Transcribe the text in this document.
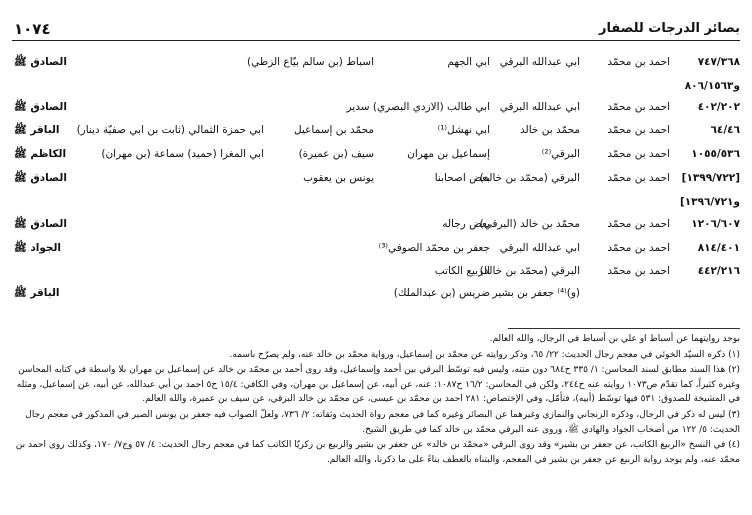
١٠٧٤	بصائر الدرجات للصفار
٧٤٧/٣٦٨
احمد بن محمّد
ابي عبدالله البرقي
ابي الجهم
اسباط (بن سالم بيّاع الزطي)
الصادق ﷺ
و٨٠٦/١٥٦٣
٤٠٢/٢٠٢
احمد بن محمّد
ابي عبدالله البرقي
ابي طالب (الازدي البصري) سدير
الصادق ﷺ
٦٤/٤٦
احمد بن محمّد
محمّد بن خالد
ابي نهشل⁽¹⁾
محمّد بن إسماعيل
ابي حمزة الثمالي (ثابت بن ابي صفيّة دينار)
الباقر ﷺ
١٠٥٥/٥٣٦
احمد بن محمّد
البرقي⁽²⁾
إسماعيل بن مهران
سيف (بن عميرة)
ابي المغرا (حميد) سماعة (بن مهران)
الكاظم ﷺ
[١٣٩٩/٧٢٢]
احمد بن محمّد
البرقي (محمّد بن خالد)
بعض اصحابنا
يونس بن يعقوب
الصادق ﷺ
و١٣٩٦/٧٢١]
١٢٠٦/٦٠٧
احمد بن محمّد
محمّد بن خالد (البرقي)
بعض رجاله
الصادق ﷺ
٨١٤/٤٠١
احمد بن محمّد
ابي عبدالله البرقي
جعفر بن محمّد الصوفي⁽³⁾
الجواد ﷺ
٤٤٢/٢١٦
احمد بن محمّد
البرقي (محمّد بن خالد)
الربيع الكاتب
(و)⁽⁴⁾ جعفر بن بشير
ضريس (بن عبدالملك)
الباقر ﷺ

بوجد روايتهما عن أسباط او علي بن أسباط في الرجال، والله العالم.

(١) ذكره السيّد الخوئي في معجم رجال الحديث: ٢٢/ ٦٥، وذكر روايته عن محمّد بن إسماعيل، ورواية محمّد بن خالد عنه، ولم يصرّح باسمه.

(٢) هذا السند مطابق لسند المحاسن: ١/ ٣٣٥ ح٦٨٤ دون متنه، وليس فيه توسّط البرقي بين أحمد وإسماعيل، وقد روى أحمد بن محمّد بن خالد عن إسماعيل بن مهران بلا واسطة في كتابه المحاسن وغيره كثيراً، كما تقدّم ص١٠٧٣ روايته عنه ح٢٤٤، ولكن في المحاسن: ١٦/٢ ح١٠٨٧: عنه، عن أبيه، عن إسماعيل بن مهران، وفي الكافي: ١٥/٤ ح٥ احمد بن أبي عبدالله، عن أبيه، عن إسماعيل، ومثله في المشيخة للصدوق: ٥٣١ فيها توسّط (أبيه)، فتأمّل، وفي الإختصاص: ٢٨١ احمد بن محمّد بن عيسى، عن محمّد بن خالد البرقي، عن سيف بن عميرة، والله العالم.

(٣) ليس له ذكر في الرجال، وذكره الزنجاني والنمازي وغيرهما عن البصائر وغيره كما في معجم رواة الحديث وثقاته: ٢/ ٧٣٦، ولعلّ الصواب فيه جعفر بن يونس الصير في المذكور في معجم رجال الحديث: ٥/ ١٢٢ من أصحاب الجواد والهادي ﷺ، وروى عنه البرقي محمّد بن خالد كما في طريق الشيخ.

(٤) في النسخ «الربيع الكاتب، عن جعفر بن بشير» وقد روى البرقي «محمّد بن خالد» عن جعفر بن بشير والربيع بن زكريّا الكاتب كما في معجم رجال الحديث: ٤/ ٥٧ وج٧/ ١٧٠، وكذلك روى احمد بن محمّد عنه، ولم يوجد رواية الربيع عن جعفر بن بشير في المعجم، والبتناه بالعطف بناءً على ما ذكرنا، والله العالم.
